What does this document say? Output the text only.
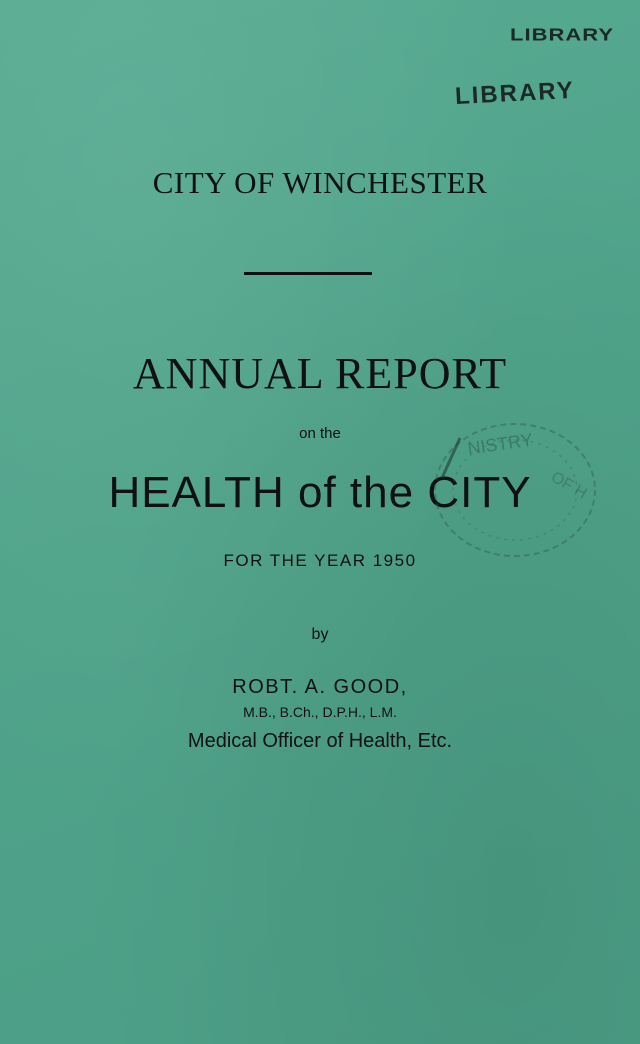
LIBRARY
LIBRARY
CITY OF WINCHESTER
ANNUAL REPORT
on the
HEALTH of the CITY
FOR THE YEAR 1950
by
ROBT. A. GOOD,
M.B., B.Ch., D.P.H., L.M.
Medical Officer of Health, Etc.
NISTRY
OF H
